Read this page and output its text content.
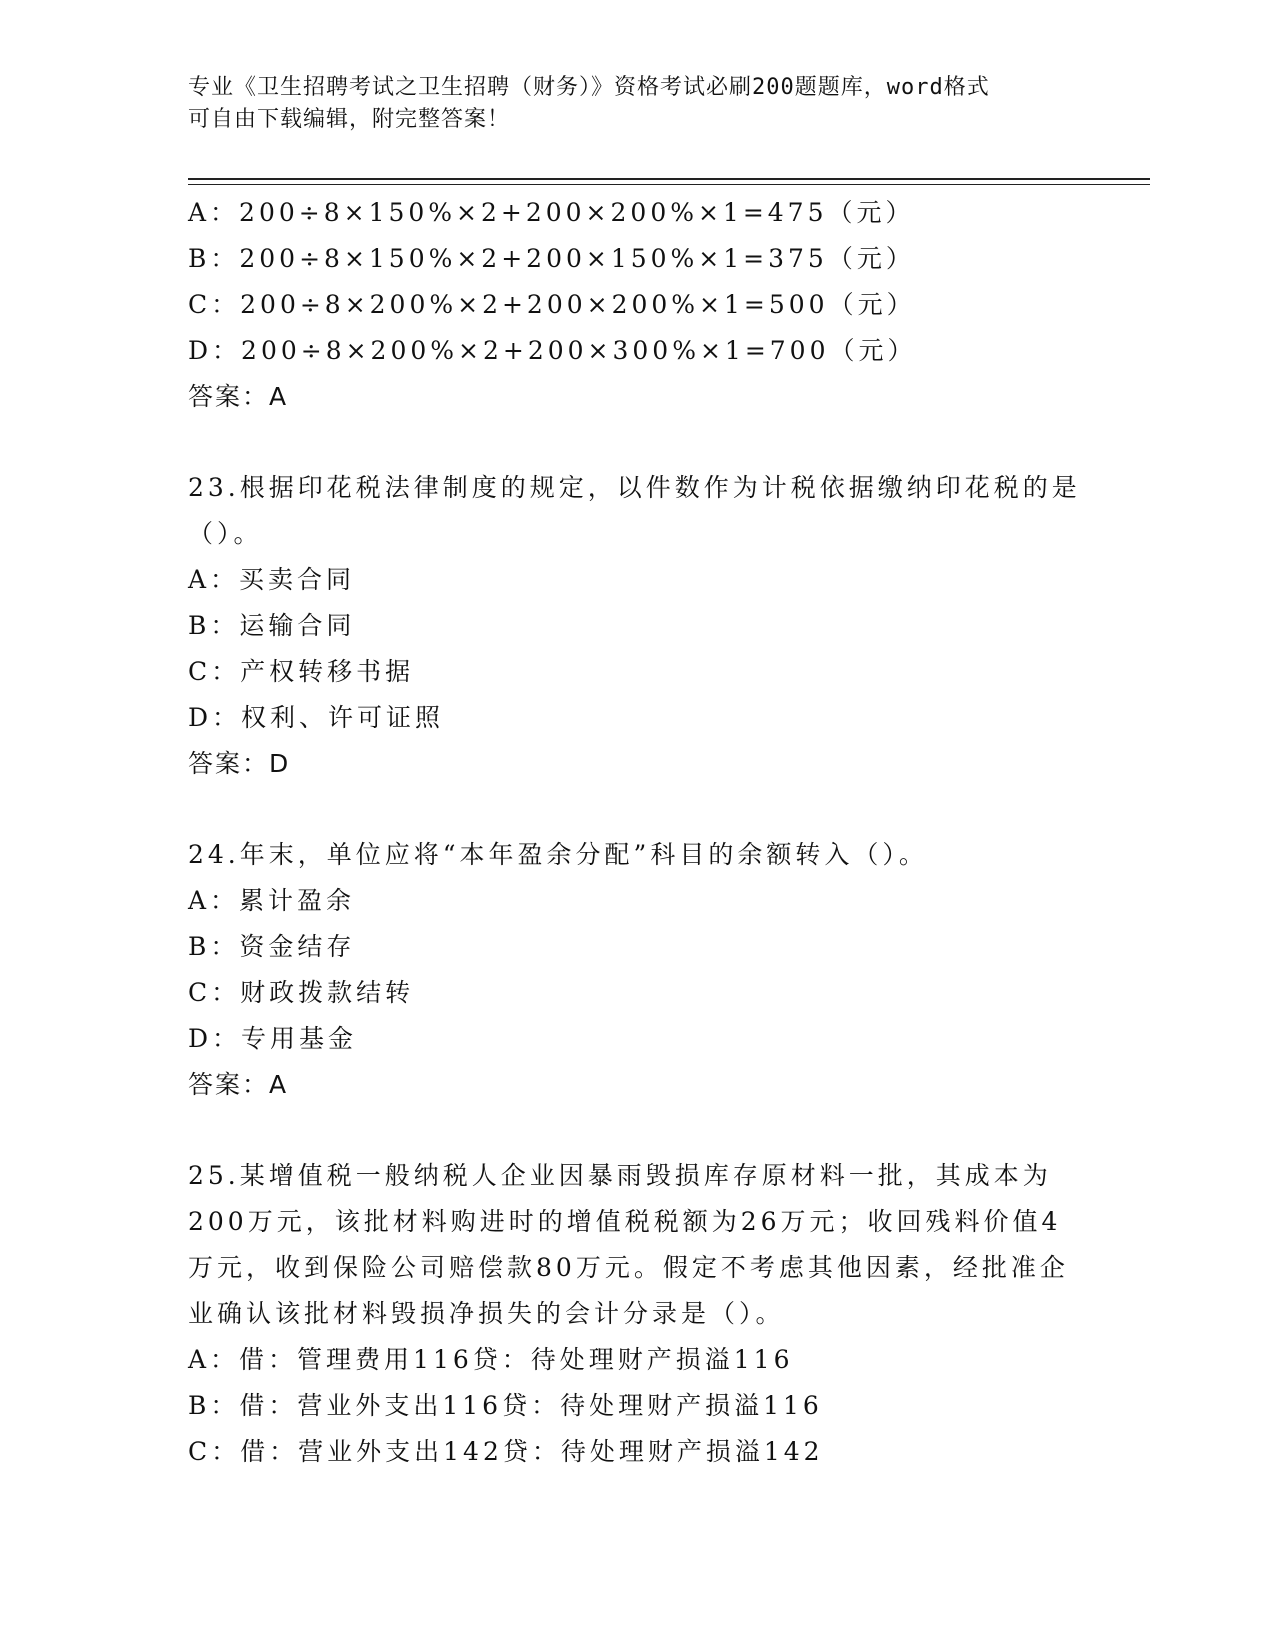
专业《卫生招聘考试之卫生招聘（财务）》资格考试必刷200题题库，word格式
可自由下载编辑，附完整答案！
A：200÷8×150%×2+200×200%×1=475（元）
B：200÷8×150%×2+200×150%×1=375（元）
C：200÷8×200%×2+200×200%×1=500（元）
D：200÷8×200%×2+200×300%×1=700（元）
答案：A
23.根据印花税法律制度的规定，以件数作为计税依据缴纳印花税的是
（）。
A：买卖合同
B：运输合同
C：产权转移书据
D：权利、许可证照
答案：D
24.年末，单位应将“本年盈余分配”科目的余额转入（）。
A：累计盈余
B：资金结存
C：财政拨款结转
D：专用基金
答案：A
25.某增值税一般纳税人企业因暴雨毁损库存原材料一批，其成本为
200万元，该批材料购进时的增值税税额为26万元；收回残料价值4
万元，收到保险公司赔偿款80万元。假定不考虑其他因素，经批准企
业确认该批材料毁损净损失的会计分录是（）。
A：借：管理费用116贷：待处理财产损溢116
B：借：营业外支出116贷：待处理财产损溢116
C：借：营业外支出142贷：待处理财产损溢142
